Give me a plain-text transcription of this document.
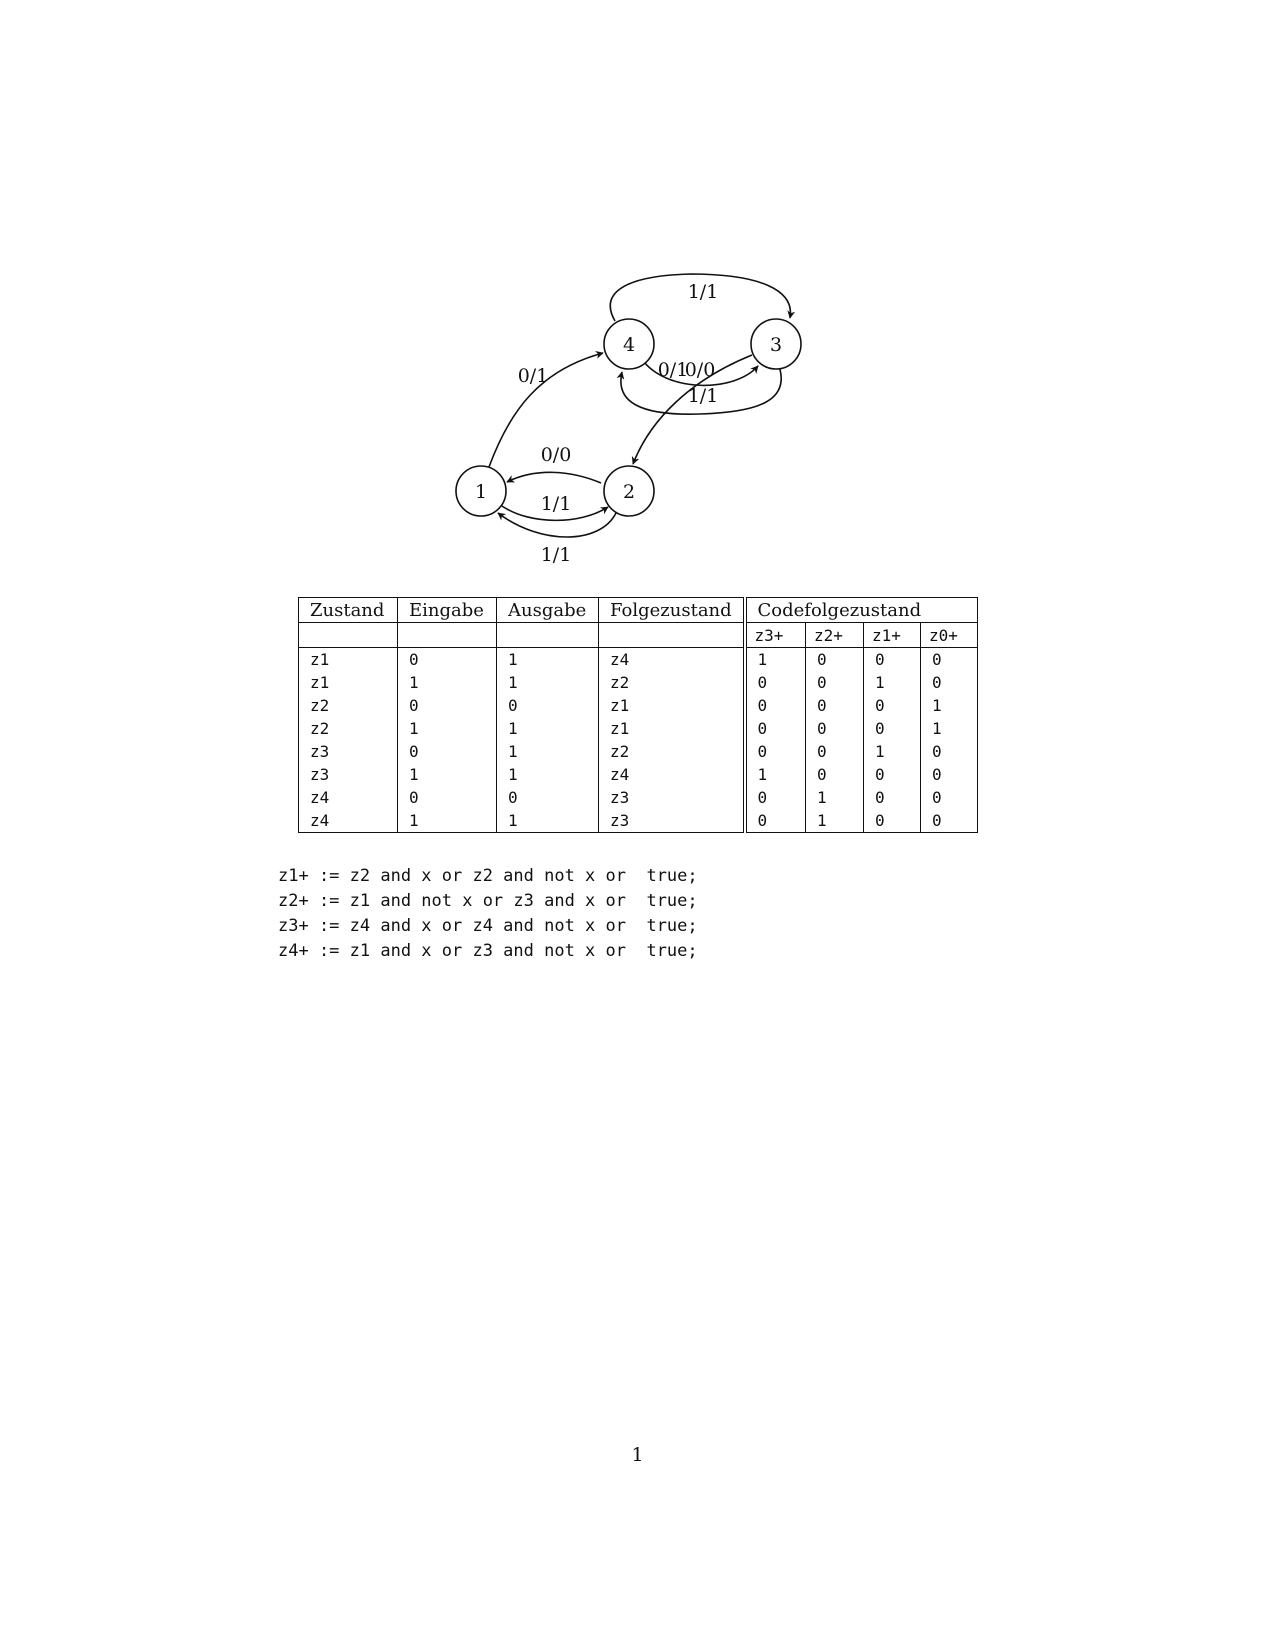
4	3
1	2
1/1
0/1	0/1
0/0
1/1
0/0
1/1
1/1
Zustand	Eingabe	Ausgabe	Folgezustand	Codefolgezustand			
				z3+	z2+	z1+	z0+
z1	0	1	z4	1	0	0	0
z1	1	1	z2	0	0	1	0
z2	0	0	z1	0	0	0	1
z2	1	1	z1	0	0	0	1
z3	0	1	z2	0	0	1	0
z3	1	1	z4	1	0	0	0
z4	0	0	z3	0	1	0	0
z4	1	1	z3	0	1	0	0
z1+ := z2 and x or z2 and not x or  true;
z2+ := z1 and not x or z3 and x or  true;
z3+ := z4 and x or z4 and not x or  true;
z4+ := z1 and x or z3 and not x or  true;
1
